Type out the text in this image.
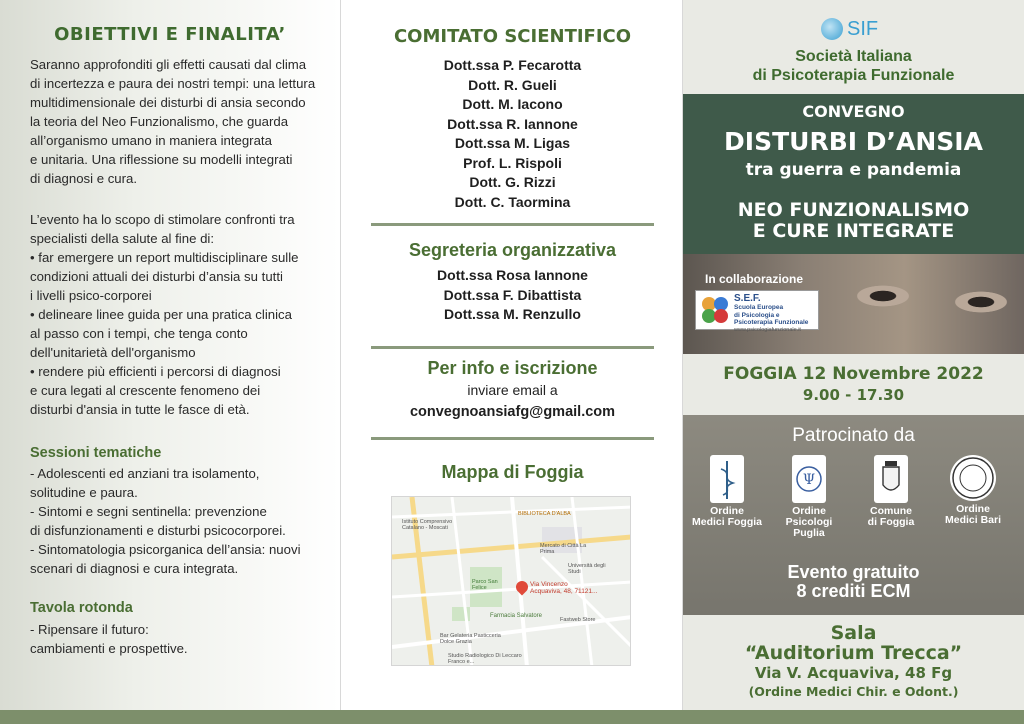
OBIETTIVI E FINALITA’
Saranno approfonditi gli effetti causati dal clima
di incertezza e paura dei nostri tempi: una lettura
multidimensionale dei disturbi di ansia secondo
la teoria del Neo Funzionalismo, che guarda
all’organismo umano in maniera integrata
e unitaria. Una riflessione su modelli integrati
di diagnosi e cura.
L’evento ha lo scopo di stimolare confronti tra
specialisti della salute al fine di:
• far emergere un report multidisciplinare sulle
condizioni attuali dei disturbi d’ansia su tutti
i livelli psico-corporei
• delineare linee guida per una pratica clinica
al passo con i tempi, che tenga conto
dell'unitarietà dell'organismo
• rendere più efficienti i percorsi di diagnosi
e cura legati al crescente fenomeno dei
disturbi d'ansia in tutte le fasce di età.
Sessioni tematiche
- Adolescenti ed anziani tra isolamento,
solitudine e paura.
- Sintomi e segni sentinella: prevenzione
di disfunzionamenti e disturbi psicocorporei.
- Sintomatologia psicorganica dell’ansia: nuovi
scenari di diagnosi e cura integrata.
Tavola rotonda
- Ripensare il futuro:
cambiamenti e prospettive.
COMITATO SCIENTIFICO
Dott.ssa P. Fecarotta
Dott. R. Gueli
Dott. M. Iacono
Dott.ssa R. Iannone
Dott.ssa M. Ligas
Prof. L. Rispoli
Dott. G. Rizzi
Dott. C. Taormina
Segreteria organizzativa
Dott.ssa Rosa Iannone
Dott.ssa F. Dibattista
Dott.ssa M. Renzullo
Per info e iscrizione
inviare email a
convegnoansiafg@gmail.com
Mappa di Foggia
Via Vincenzo Acquaviva, 48, 71121...
Farmacia Salvatore
Istituto Comprensivo Catalano - Moscati
Parco San Felice
BIBLIOTECA D'ALBA
Mercato di Città La Prima
Bar Gelateria Pasticceria Dolce Grazia
Studio Radiologico Di Leccaro Franco e...
Fastweb Store
Università degli Studi
SIF
Società Italiana
di Psicoterapia Funzionale
CONVEGNO
DISTURBI D’ANSIA
tra guerra e pandemia
NEO FUNZIONALISMO
E CURE INTEGRATE
In collaborazione
S.E.F.
Scuola Europea
di Psicologia e
Psicoterapia Funzionale
www.psicologiafunzionale.it
FOGGIA 12 Novembre 2022
9.00 - 17.30
Patrocinato da
Ordine
Medici Foggia
Ψ
Ordine
Psicologi Puglia
Comune
di Foggia
Ordine
Medici Bari
Evento gratuito
8 crediti ECM
Sala
“Auditorium Trecca”
Via V. Acquaviva, 48 Fg
(Ordine Medici Chir. e Odont.)
